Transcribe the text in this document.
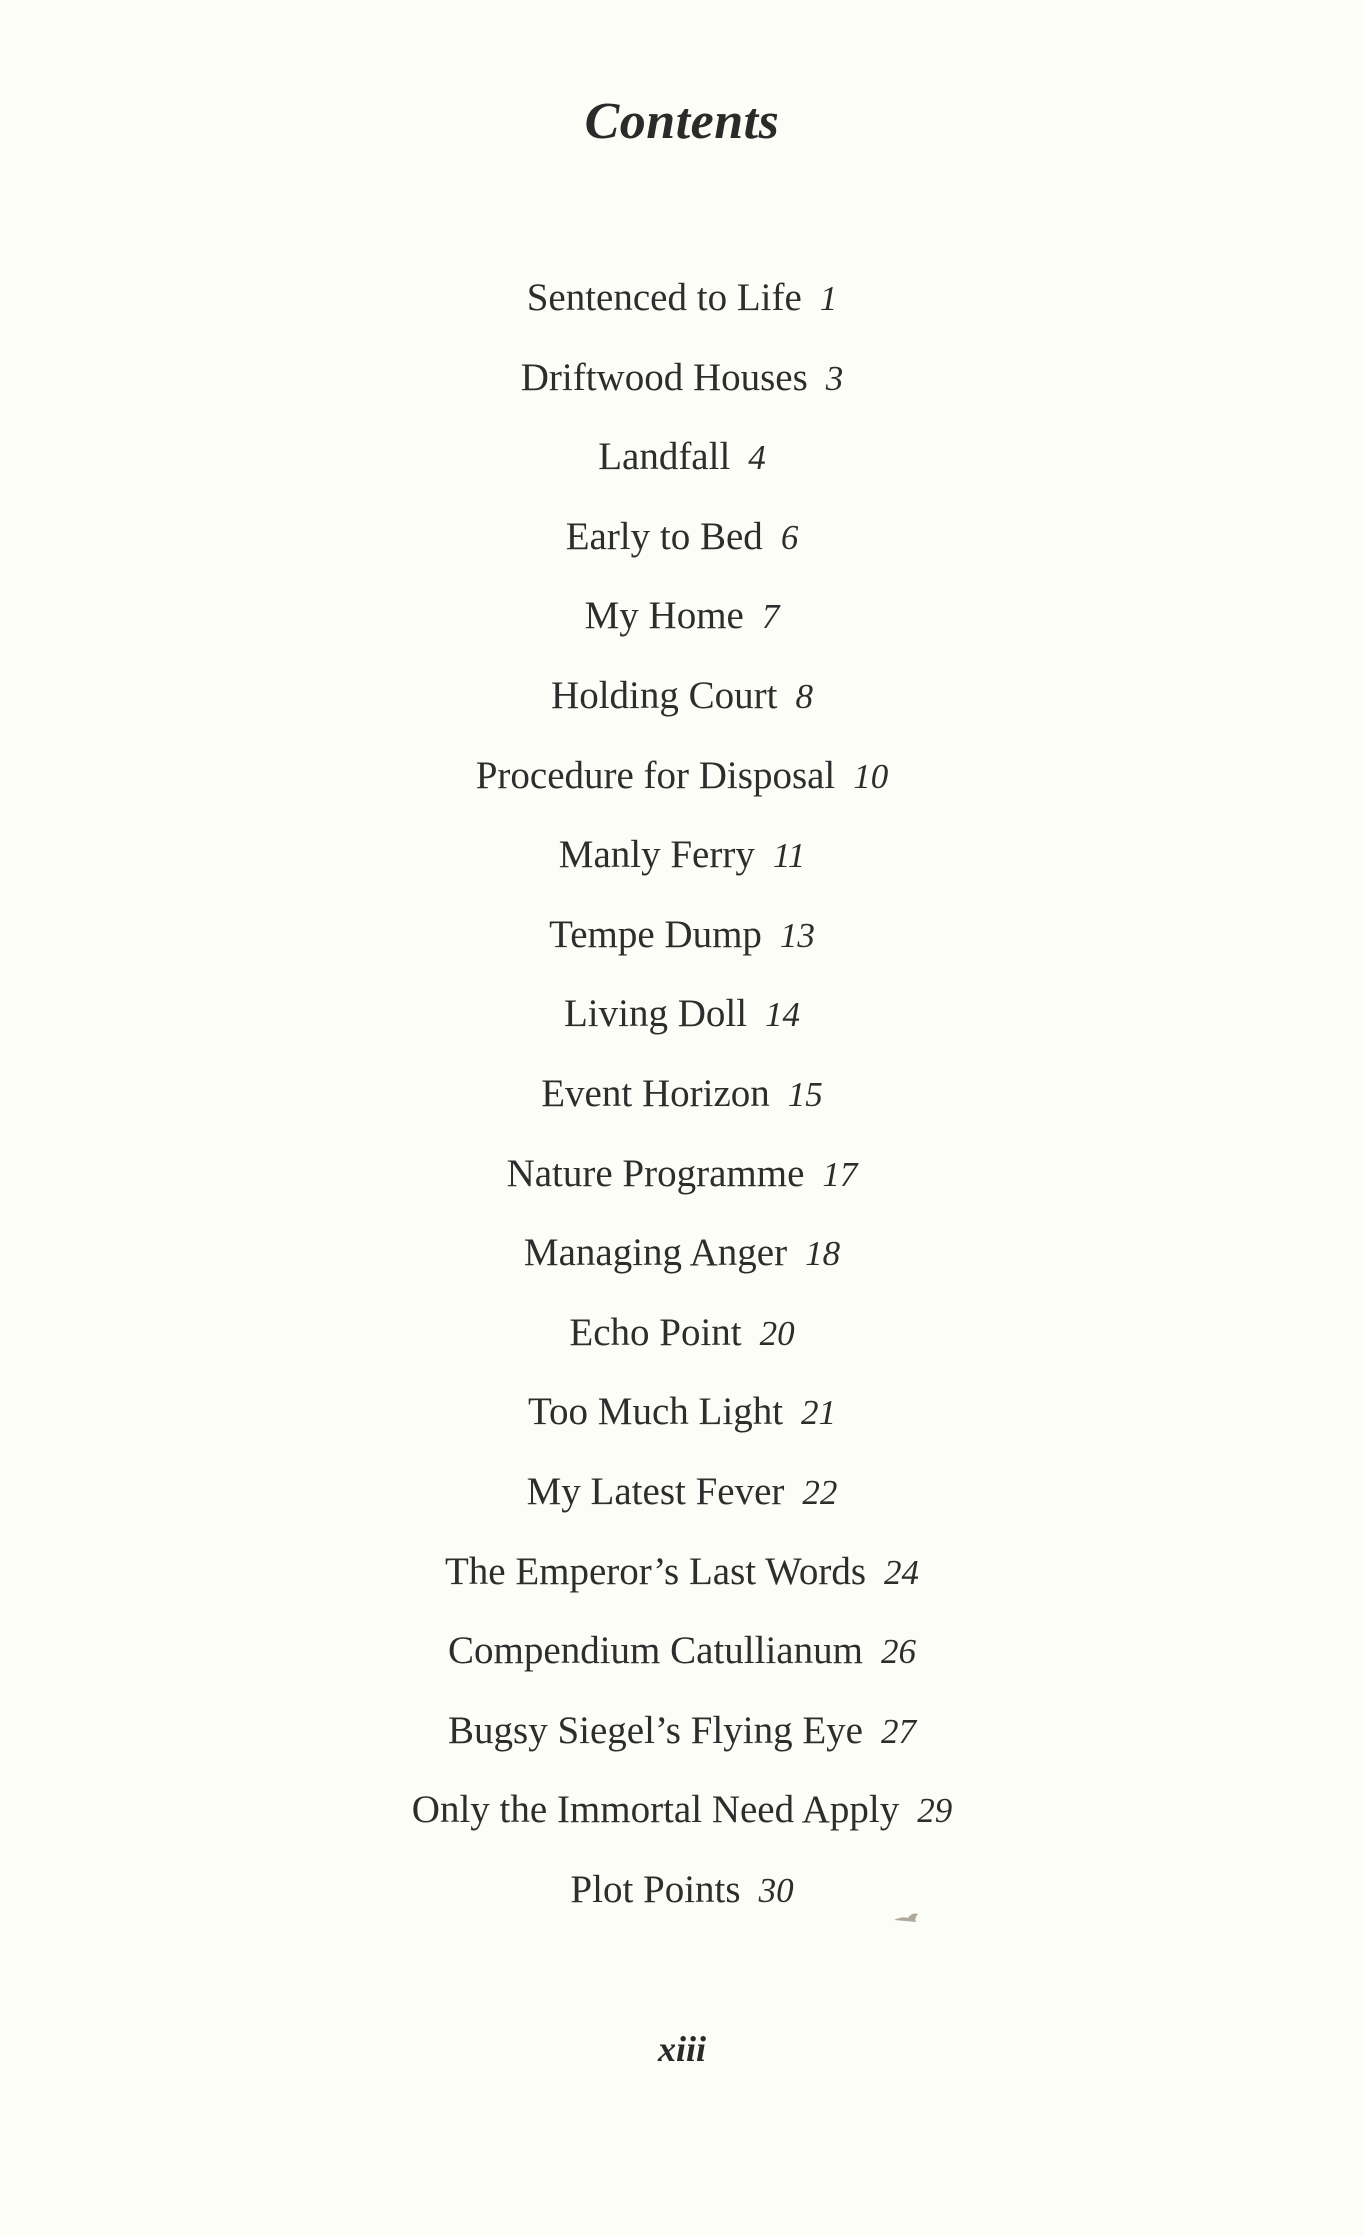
Contents
Sentenced to Life 1
Driftwood Houses 3
Landfall 4
Early to Bed 6
My Home 7
Holding Court 8
Procedure for Disposal 10
Manly Ferry 11
Tempe Dump 13
Living Doll 14
Event Horizon 15
Nature Programme 17
Managing Anger 18
Echo Point 20
Too Much Light 21
My Latest Fever 22
The Emperor’s Last Words 24
Compendium Catullianum 26
Bugsy Siegel’s Flying Eye 27
Only the Immortal Need Apply 29
Plot Points 30
xiii
